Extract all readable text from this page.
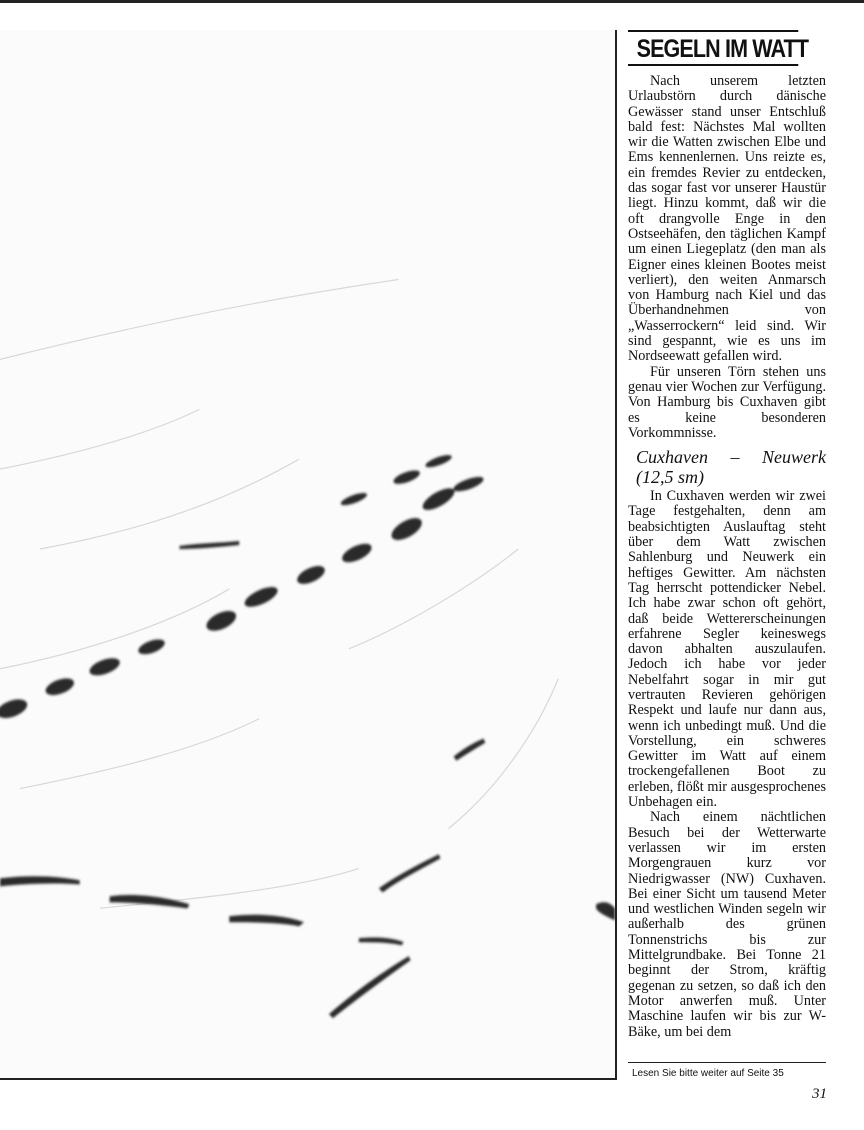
SEGELN IM WATT

Nach unserem letzten Urlaubstörn durch dänische Gewässer stand unser Entschluß bald fest: Nächstes Mal wollten wir die Watten zwischen Elbe und Ems kennenlernen. Uns reizte es, ein fremdes Revier zu entdecken, das sogar fast vor unserer Haustür liegt. Hinzu kommt, daß wir die oft drangvolle Enge in den Ostseehäfen, den täglichen Kampf um einen Liegeplatz (den man als Eigner eines kleinen Bootes meist verliert), den weiten Anmarsch von Hamburg nach Kiel und das Überhandnehmen von „Wasserrockern“ leid sind. Wir sind gespannt, wie es uns im Nordseewatt gefallen wird.

Für unseren Törn stehen uns genau vier Wochen zur Verfügung. Von Hamburg bis Cuxhaven gibt es keine besonderen Vorkommnisse.

Cuxhaven – Neuwerk (12,5 sm)

In Cuxhaven werden wir zwei Tage festgehalten, denn am beabsichtigten Auslauftag steht über dem Watt zwischen Sahlenburg und Neuwerk ein heftiges Gewitter. Am nächsten Tag herrscht pottendicker Nebel. Ich habe zwar schon oft gehört, daß beide Wettererscheinungen erfahrene Segler keineswegs davon abhalten auszulaufen. Jedoch ich habe vor jeder Nebelfahrt sogar in mir gut vertrauten Revieren gehörigen Respekt und laufe nur dann aus, wenn ich unbedingt muß. Und die Vorstellung, ein schweres Gewitter im Watt auf einem trockengefallenen Boot zu erleben, flößt mir ausgesprochenes Unbehagen ein.

Nach einem nächtlichen Besuch bei der Wetterwarte verlassen wir im ersten Morgengrauen kurz vor Niedrigwasser (NW) Cuxhaven. Bei einer Sicht um tausend Meter und westlichen Winden segeln wir außerhalb des grünen Tonnenstrichs bis zur Mittelgrundbake. Bei Tonne 21 beginnt der Strom, kräftig gegenan zu setzen, so daß ich den Motor anwerfen muß. Unter Maschine laufen wir bis zur W-Bäke, um bei dem

Lesen Sie bitte weiter auf Seite 35
31
